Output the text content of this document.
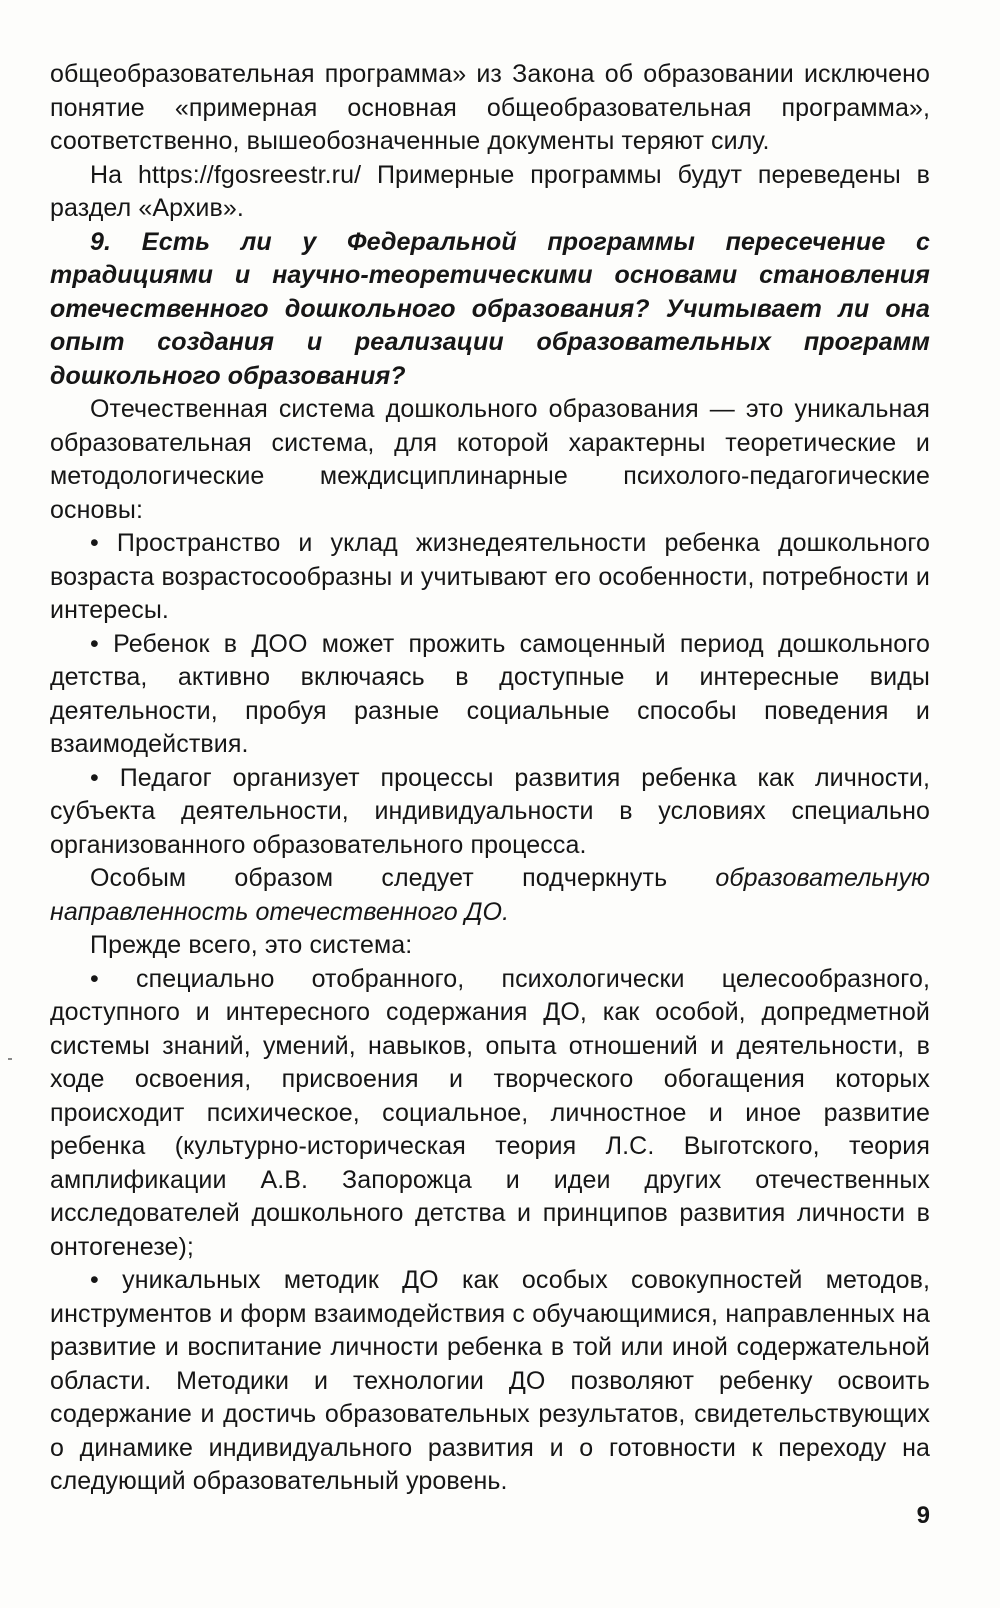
общеобразовательная программа» из Закона об образовании исключено понятие «примерная основная общеобразовательная программа», соответственно, вышеобозначенные документы теряют силу.

На https://fgosreestr.ru/ Примерные программы будут переведены в раздел «Архив».

9. Есть ли у Федеральной программы пересечение с традициями и научно-теоретическими основами становления отечественного дошкольного образования? Учитывает ли она опыт создания и реализации образовательных программ дошкольного образования?

Отечественная система дошкольного образования — это уникальная образовательная система, для которой характерны теоретические и методологические междисциплинарные психолого-педагогические основы:

• Пространство и уклад жизнедеятельности ребенка дошкольного возраста возрастосообразны и учитывают его особенности, потребности и интересы.

• Ребенок в ДОО может прожить самоценный период дошкольного детства, активно включаясь в доступные и интересные виды деятельности, пробуя разные социальные способы поведения и взаимодействия.

• Педагог организует процессы развития ребенка как личности, субъекта деятельности, индивидуальности в условиях специально организованного образовательного процесса.

Особым образом следует подчеркнуть образовательную направленность отечественного ДО.

Прежде всего, это система:

• специально отобранного, психологически целесообразного, доступного и интересного содержания ДО, как особой, допредметной системы знаний, умений, навыков, опыта отношений и деятельности, в ходе освоения, присвоения и творческого обогащения которых происходит психическое, социальное, личностное и иное развитие ребенка (культурно-историческая теория Л.С. Выготского, теория амплификации А.В. Запорожца и идеи других отечественных исследователей дошкольного детства и принципов развития личности в онтогенезе);

• уникальных методик ДО как особых совокупностей методов, инструментов и форм взаимодействия с обучающимися, направленных на развитие и воспитание личности ребенка в той или иной содержательной области. Методики и технологии ДО позволяют ребенку освоить содержание и достичь образовательных результатов, свидетельствующих о динамике индивидуального развития и о готовности к переходу на следующий образовательный уровень.

9
